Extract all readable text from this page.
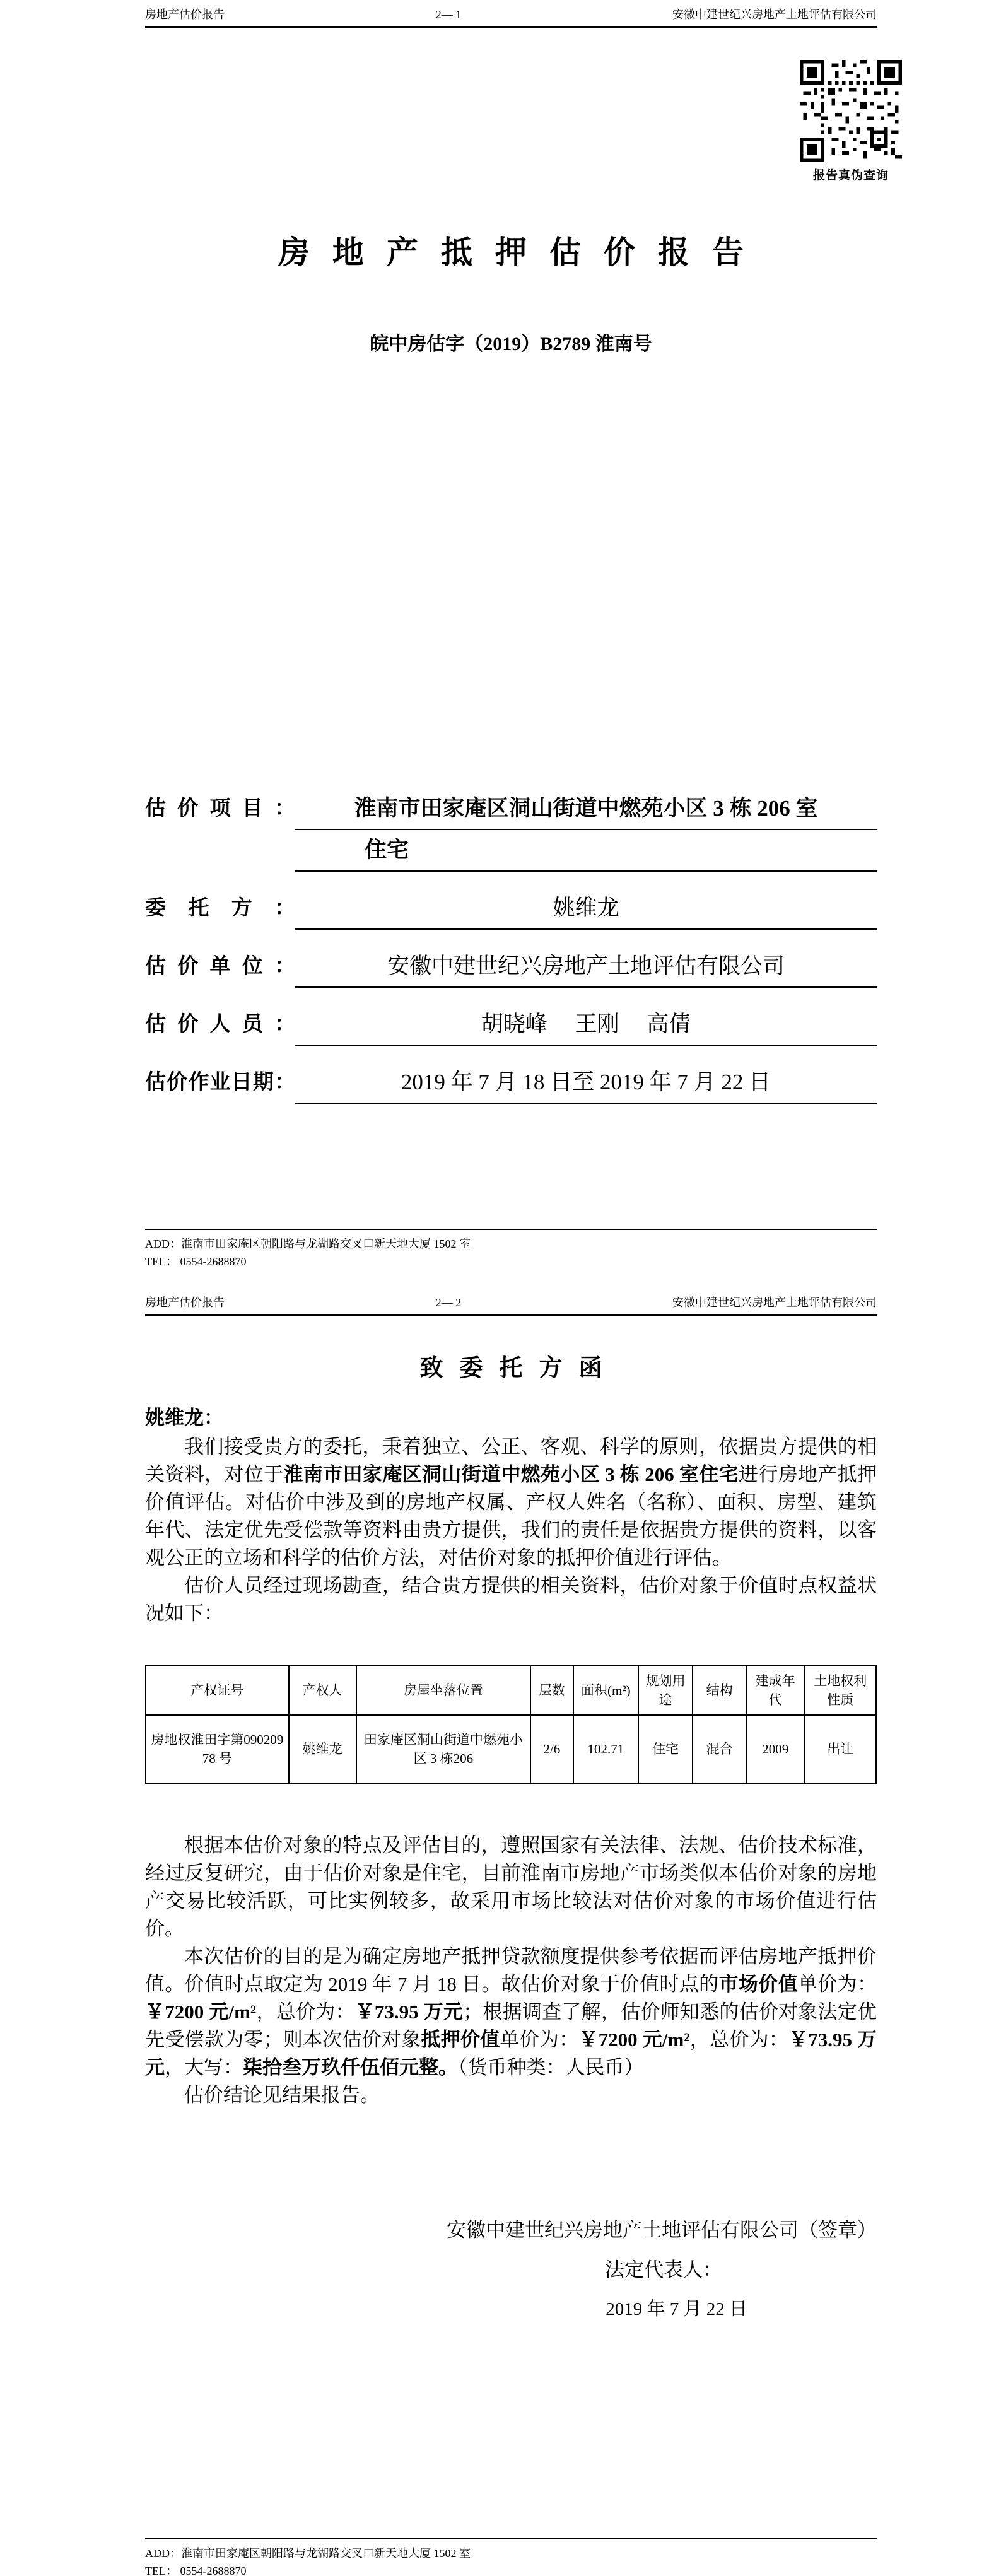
房地产估价报告	2— 1	安徽中建世纪兴房地产土地评估有限公司
报告真伪查询
房地产抵押估价报告
皖中房估字（2019）B2789 淮南号
估价项目：	淮南市田家庵区洞山街道中燃苑小区 3 栋 206 室
住宅
委托方：	姚维龙
估价单位：	安徽中建世纪兴房地产土地评估有限公司
估价人员：	胡晓峰　 王刚　 高倩
估价作业日期：	2019 年 7 月 18 日至 2019 年 7 月 22 日
ADD：淮南市田家庵区朝阳路与龙湖路交叉口新天地大厦 1502 室
TEL： 0554-2688870
房地产估价报告	2— 2	安徽中建世纪兴房地产土地评估有限公司
致委托方函
姚维龙：

我们接受贵方的委托，秉着独立、公正、客观、科学的原则，依据贵方提供的相关资料，对位于淮南市田家庵区洞山街道中燃苑小区 3 栋 206 室住宅进行房地产抵押价值评估。对估价中涉及到的房地产权属、产权人姓名（名称）、面积、房型、建筑年代、法定优先受偿款等资料由贵方提供，我们的责任是依据贵方提供的资料，以客观公正的立场和科学的估价方法，对估价对象的抵押价值进行评估。

估价人员经过现场勘查，结合贵方提供的相关资料，估价对象于价值时点权益状况如下：

产权证号	产权人	房屋坐落位置	层数	面积(m²)	规划用途	结构	建成年代	土地权利性质
房地权淮田字第09020978 号	姚维龙	田家庵区洞山街道中燃苑小区 3 栋206	2/6	102.71	住宅	混合	2009	出让

根据本估价对象的特点及评估目的，遵照国家有关法律、法规、估价技术标准，经过反复研究，由于估价对象是住宅，目前淮南市房地产市场类似本估价对象的房地产交易比较活跃，可比实例较多，故采用市场比较法对估价对象的市场价值进行估价。

本次估价的目的是为确定房地产抵押贷款额度提供参考依据而评估房地产抵押价值。价值时点取定为 2019 年 7 月 18 日。故估价对象于价值时点的市场价值单价为：￥7200 元/m²，总价为：￥73.95 万元；根据调查了解，估价师知悉的估价对象法定优先受偿款为零；则本次估价对象抵押价值单价为：￥7200 元/m²，总价为：￥73.95 万元，大写：柒拾叁万玖仟伍佰元整。（货币种类：人民币）

估价结论见结果报告。

安徽中建世纪兴房地产土地评估有限公司（签章）
法定代表人：
2019 年 7 月 22 日
ADD：淮南市田家庵区朝阳路与龙湖路交叉口新天地大厦 1502 室
TEL： 0554-2688870
